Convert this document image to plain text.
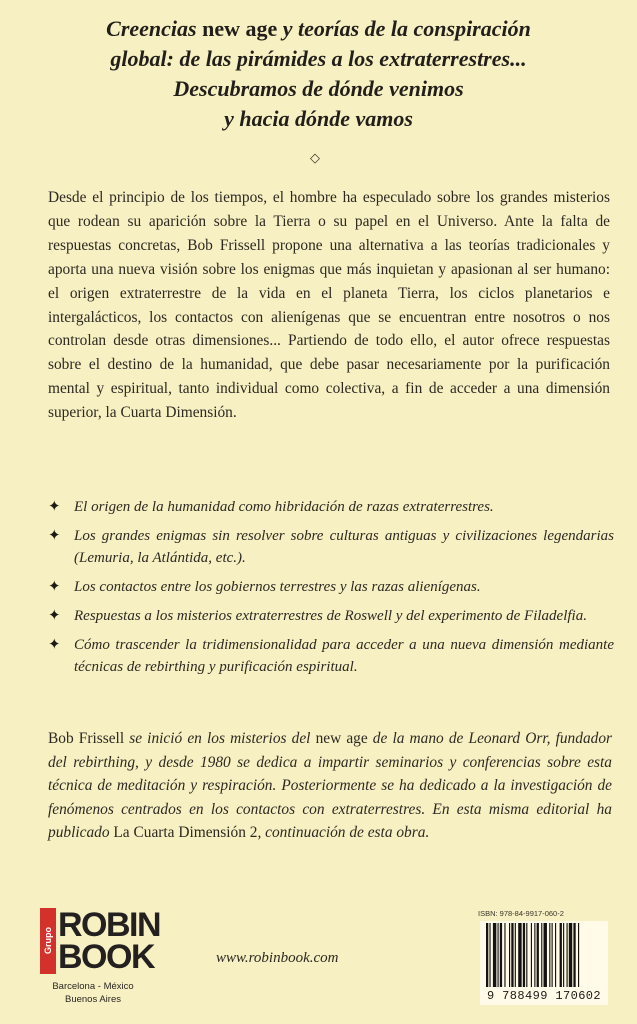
Creencias new age y teorías de la conspiración
global: de las pirámides a los extraterrestres...
Descubramos de dónde venimos
y hacia dónde vamos
◇
Desde el principio de los tiempos, el hombre ha especulado sobre los grandes misterios que rodean su aparición sobre la Tierra o su papel en el Universo. Ante la falta de respuestas concretas, Bob Frissell propone una alternativa a las teorías tradicionales y aporta una nueva visión sobre los enigmas que más inquietan y apasionan al ser humano: el origen extraterrestre de la vida en el planeta Tierra, los ciclos planetarios e intergalácticos, los contactos con alienígenas que se encuentran entre nosotros o nos controlan desde otras dimensiones... Partiendo de todo ello, el autor ofrece respuestas sobre el destino de la humanidad, que debe pasar necesariamente por la purificación mental y espiritual, tanto individual como colectiva, a fin de acceder a una dimensión superior, la Cuarta Dimensión.
✦ El origen de la humanidad como hibridación de razas extraterrestres.
✦ Los grandes enigmas sin resolver sobre culturas antiguas y civilizaciones legendarias (Lemuria, la Atlántida, etc.).
✦ Los contactos entre los gobiernos terrestres y las razas alienígenas.
✦ Respuestas a los misterios extraterrestres de Roswell y del experimento de Filadelfia.
✦ Cómo trascender la tridimensionalidad para acceder a una nueva dimensión mediante técnicas de rebirthing y purificación espiritual.
Bob Frissell se inició en los misterios del new age de la mano de Leonard Orr, fundador del rebirthing, y desde 1980 se dedica a impartir seminarios y conferencias sobre esta técnica de meditación y respiración. Posteriormente se ha dedicado a la investigación de fenómenos centrados en los contactos con extraterrestres. En esta misma editorial ha publicado La Cuarta Dimensión 2, continuación de esta obra.
Grupo ROBIN
BOOK
Barcelona - México
Buenos Aires
www.robinbook.com
ISBN: 978-84-9917-060-2
9 788499 170602
